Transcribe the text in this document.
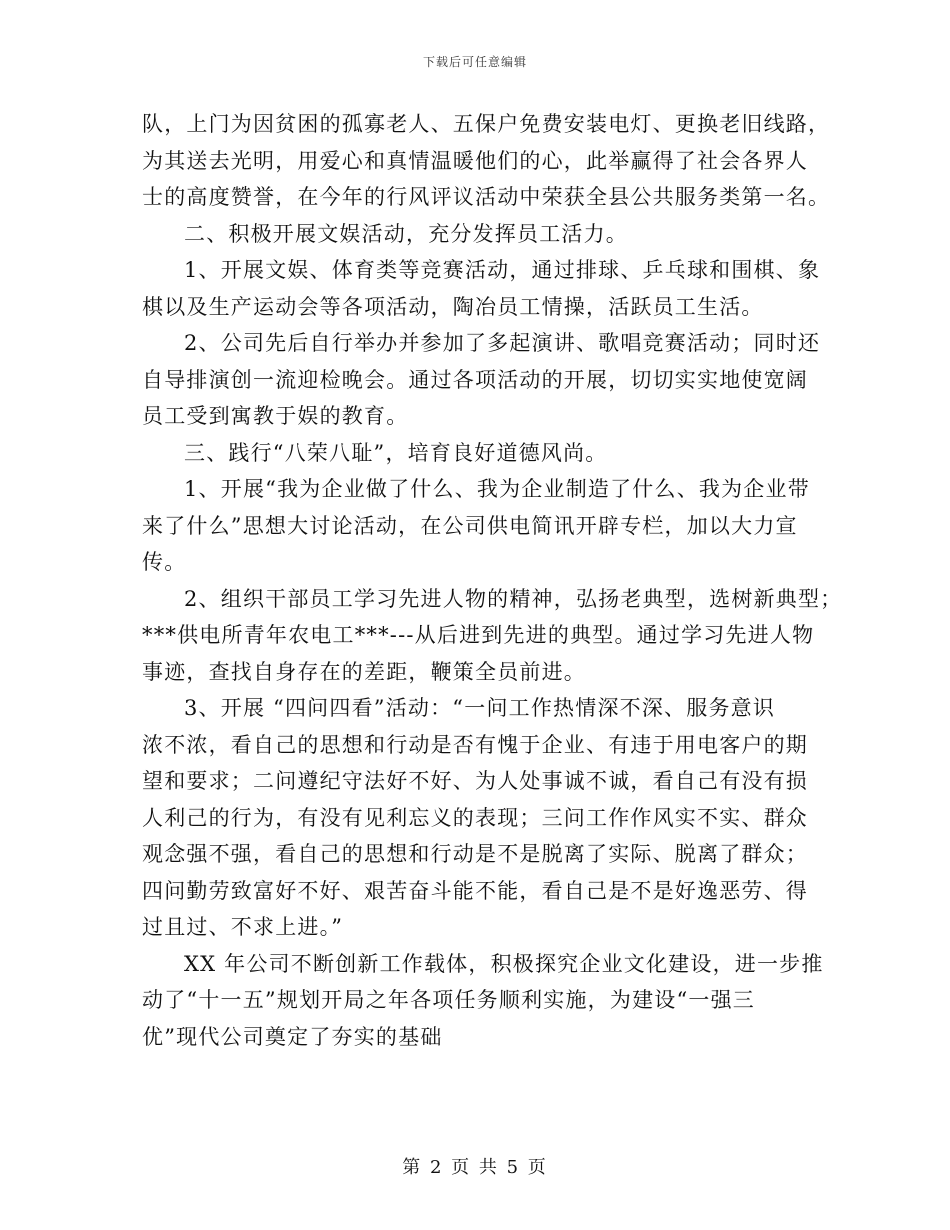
下载后可任意编辑
队，上门为因贫困的孤寡老人、五保户免费安装电灯、更换老旧线路，
为其送去光明，用爱心和真情温暖他们的心，此举赢得了社会各界人
士的高度赞誉，在今年的行风评议活动中荣获全县公共服务类第一名。
二、积极开展文娱活动，充分发挥员工活力。
1、开展文娱、体育类等竞赛活动，通过排球、乒乓球和围棋、象
棋以及生产运动会等各项活动，陶冶员工情操，活跃员工生活。
2、公司先后自行举办并参加了多起演讲、歌唱竞赛活动；同时还
自导排演创一流迎检晚会。通过各项活动的开展，切切实实地使宽阔
员工受到寓教于娱的教育。
三、践行“八荣八耻”，培育良好道德风尚。
1、开展“我为企业做了什么、我为企业制造了什么、我为企业带
来了什么”思想大讨论活动，在公司供电简讯开辟专栏，加以大力宣
传。
2、组织干部员工学习先进人物的精神，弘扬老典型，选树新典型；
***供电所青年农电工***---从后进到先进的典型。通过学习先进人物
事迹，查找自身存在的差距，鞭策全员前进。
3、开展 “四问四看”活动：“一问工作热情深不深、服务意识
浓不浓，看自己的思想和行动是否有愧于企业、有违于用电客户的期
望和要求；二问遵纪守法好不好、为人处事诚不诚，看自己有没有损
人利己的行为，有没有见利忘义的表现；三问工作作风实不实、群众
观念强不强，看自己的思想和行动是不是脱离了实际、脱离了群众；
四问勤劳致富好不好、艰苦奋斗能不能，看自己是不是好逸恶劳、得
过且过、不求上进。”
XX 年公司不断创新工作载体，积极探究企业文化建设，进一步推
动了“十一五”规划开局之年各项任务顺利实施，为建设“一强三
优”现代公司奠定了夯实的基础
第 2 页 共 5 页
